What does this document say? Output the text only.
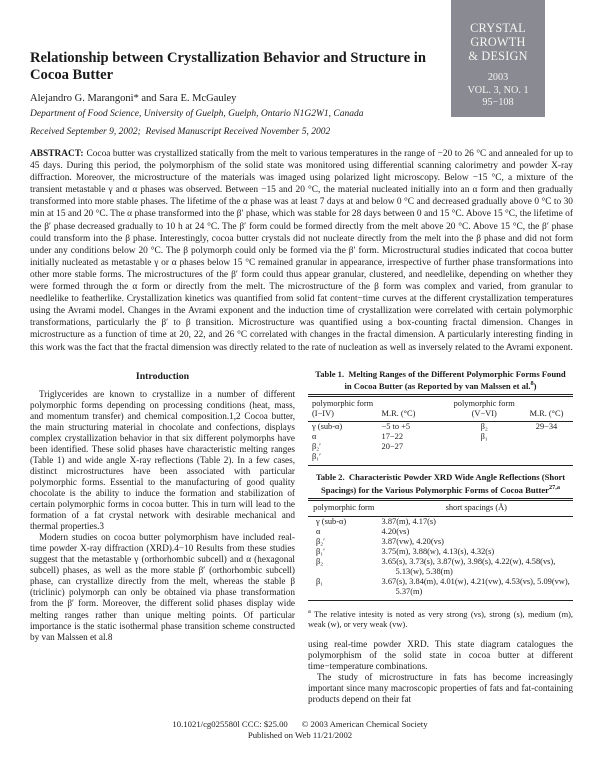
CRYSTAL
GROWTH
& DESIGN
2003
VOL. 3, NO. 1
95−108
Relationship between Crystallization Behavior and Structure in Cocoa Butter
Alejandro G. Marangoni* and Sara E. McGauley
Department of Food Science, University of Guelph, Guelph, Ontario N1G2W1, Canada
Received September 9, 2002; Revised Manuscript Received November 5, 2002

ABSTRACT: Cocoa butter was crystallized statically from the melt to various temperatures in the range of −20 to 26 °C and annealed for up to 45 days. During this period, the polymorphism of the solid state was monitored using differential scanning calorimetry and powder X-ray diffraction. Moreover, the microstructure of the materials was imaged using polarized light microscopy. Below −15 °C, a mixture of the transient metastable γ and α phases was observed. Between −15 and 20 °C, the material nucleated initially into an α form and then gradually transformed into more stable phases. The lifetime of the α phase was at least 7 days at and below 0 °C and decreased gradually above 0 °C to 30 min at 15 and 20 °C. The α phase transformed into the β′ phase, which was stable for 28 days between 0 and 15 °C. Above 15 °C, the lifetime of the β′ phase decreased gradually to 10 h at 24 °C. The β′ form could be formed directly from the melt above 20 °C. Above 15 °C, the β′ phase could transform into the β phase. Interestingly, cocoa butter crystals did not nucleate directly from the melt into the β phase and did not form under any conditions below 20 °C. The β polymorph could only be formed via the β′ form. Microstructural studies indicated that cocoa butter initially nucleated as metastable γ or α phases below 15 °C remained granular in appearance, irrespective of further phase transformations into other more stable forms. The microstructures of the β′ form could thus appear granular, clustered, and needlelike, depending on whether they were formed through the α form or directly from the melt. The microstructure of the β form was complex and varied, from granular to needlelike to featherlike. Crystallization kinetics was quantified from solid fat content−time curves at the different crystallization temperatures using the Avrami model. Changes in the Avrami exponent and the induction time of crystallization were correlated with certain polymorphic transformations, particularly the β′ to β transition. Microstructure was quantified using a box-counting fractal dimension. Changes in microstructure as a function of time at 20, 22, and 26 °C correlated with changes in the fractal dimension. A particularly interesting finding in this work was the fact that the fractal dimension was directly related to the rate of nucleation as well as inversely related to the Avrami exponent.

Introduction

Triglycerides are known to crystallize in a number of different polymorphic forms depending on processing conditions (heat, mass, and momentum transfer) and chemical composition.1,2 Cocoa butter, the main structuring material in chocolate and confections, displays complex crystallization behavior in that six different polymorphs have been identified. These solid phases have characteristic melting ranges (Table 1) and wide angle X-ray reflections (Table 2). In a few cases, distinct microstructures have been associated with particular polymorphic forms. Essential to the manufacturing of good quality chocolate is the ability to induce the formation and stabilization of certain polymorphic forms in cocoa butter. This in turn will lead to the formation of a fat crystal network with desirable mechanical and thermal properties.3

Modern studies on cocoa butter polymorphism have included real-time powder X-ray diffraction (XRD).4−10 Results from these studies suggest that the metastable γ (orthorhombic subcell) and α (hexagonal subcell) phases, as well as the more stable β′ (orthorhombic subcell) phase, can crystallize directly from the melt, whereas the stable β (triclinic) polymorph can only be obtained via phase transformation from the β′ form. Moreover, the different solid phases display wide melting ranges rather than unique melting points. Of particular importance is the static isothermal phase transition scheme constructed by van Malssen et al.8

Table 1. Melting Ranges of the Different Polymorphic Forms Found in Cocoa Butter (as Reported by van Malssen et al.$^8$)
polymorphic form (I−IV)	M.R. (°C)	polymorphic form (V−VI)	M.R. (°C)
γ (sub-α)	−5 to +5	β₂	29−34
α	17−22	β₁	
β₂′	20−27		
β₁′			
Table 2. Characteristic Powder XRD Wide Angle Reflections (Short Spacings) for the Various Polymorphic Forms of Cocoa Butter$^{27,a}$
polymorphic form	short spacings (Å)
γ (sub-α)	3.87(m), 4.17(s)
α	4.20(vs)
β₂′	3.87(vw), 4.20(vs)
β₁′	3.75(m), 3.88(w), 4.13(s), 4.32(s)
β₂	3.65(s), 3.73(s), 3.87(w), 3.98(s), 4.22(w), 4.58(vs), 5.13(w), 5.38(m)
β₁	3.67(s), 3.84(m), 4.01(w), 4.21(vw), 4.53(vs), 5.09(vw), 5.37(m)
$^a$ The relative intesity is noted as very strong (vs), strong (s), medium (m), weak (w), or very weak (vw).

using real-time powder XRD. This state diagram catalogues the polymorphism of the solid state in cocoa butter at different time−temperature combinations.

The study of microstructure in fats has become increasingly important since many macroscopic properties of fats and fat-containing products depend on their fat

10.1021/cg025580l CCC: $25.00 © 2003 American Chemical Society
Published on Web 11/21/2002
